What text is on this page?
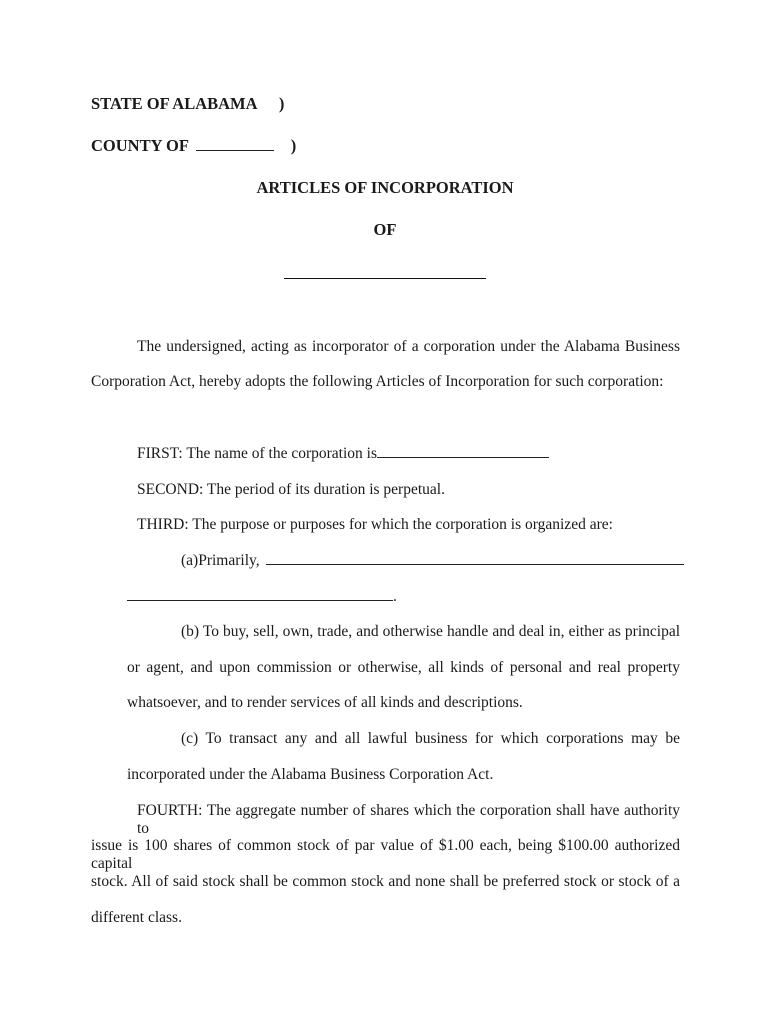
STATE OF ALABAMA )
COUNTY OF	)
ARTICLES OF INCORPORATION
OF
The undersigned, acting as incorporator of a corporation under the Alabama Business
Corporation Act, hereby adopts the following Articles of Incorporation for such corporation:
FIRST: The name of the corporation is
SECOND: The period of its duration is perpetual.
THIRD: The purpose or purposes for which the corporation is organized are:
(a)Primarily,
.
(b) To buy, sell, own, trade, and otherwise handle and deal in, either as principal
or agent, and upon commission or otherwise, all kinds of personal and real property
whatsoever, and to render services of all kinds and descriptions.
(c) To transact any and all lawful business for which corporations may be
incorporated under the Alabama Business Corporation Act.
FOURTH: The aggregate number of shares which the corporation shall have authority to
issue is 100 shares of common stock of par value of $1.00 each, being $100.00 authorized capital
stock. All of said stock shall be common stock and none shall be preferred stock or stock of a
different class.
